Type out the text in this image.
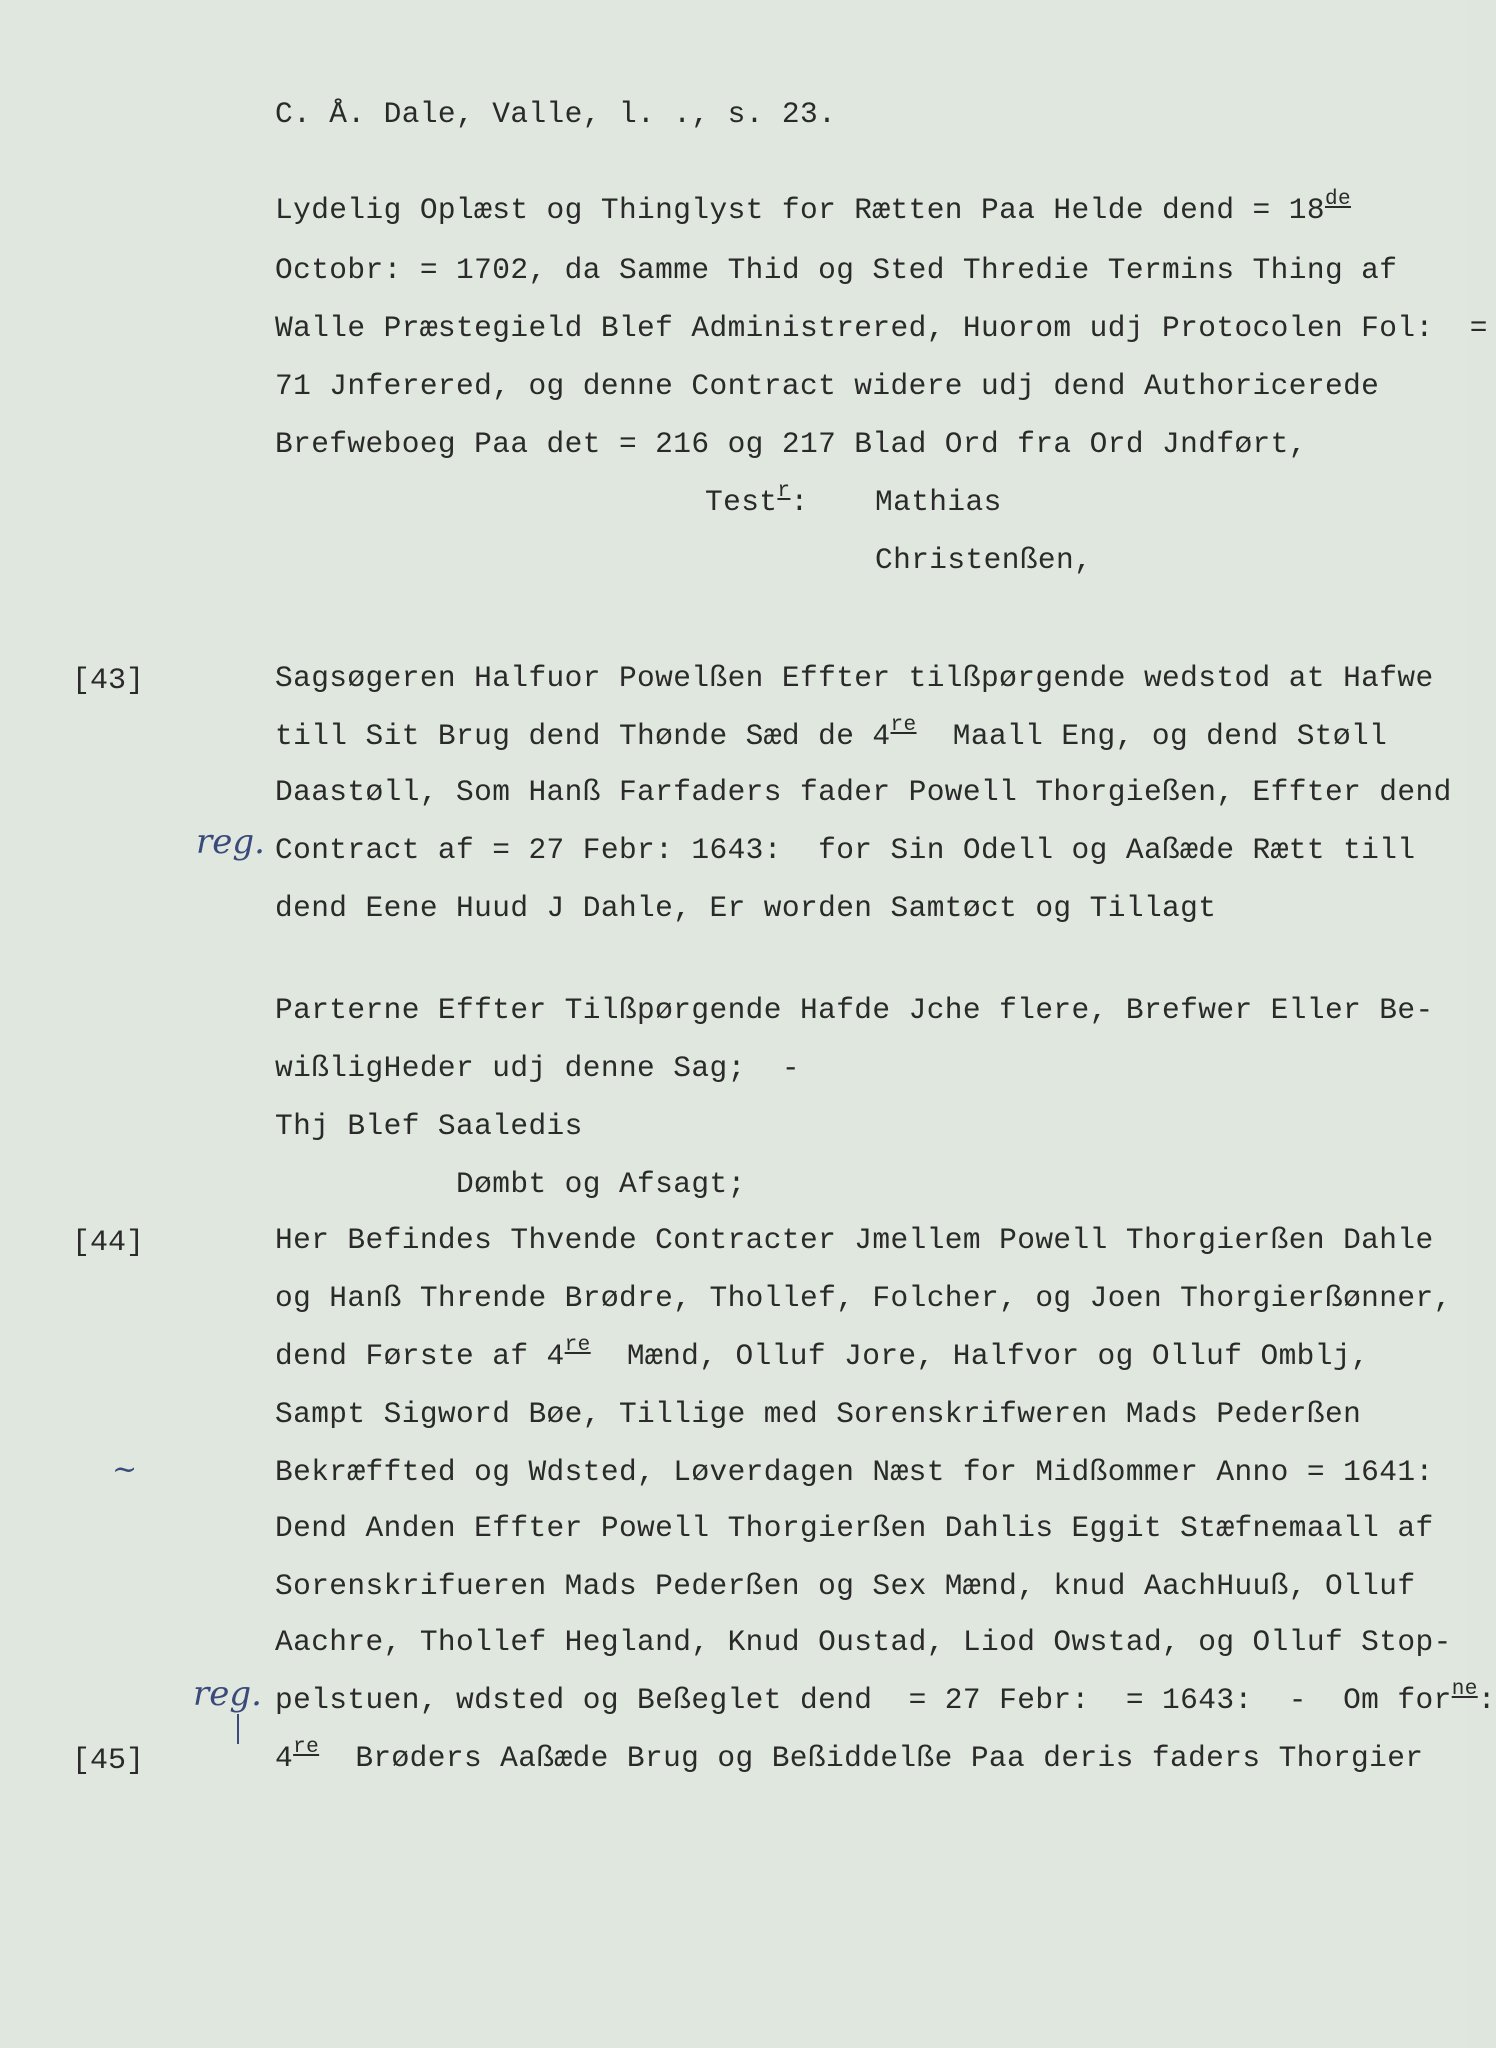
C. Å. Dale, Valle, l. ., s. 23.
Lydelig Oplæst og Thinglyst for Rætten Paa Helde dend = 18de
Octobr: = 1702, da Samme Thid og Sted Thredie Termins Thing af
Walle Præstegield Blef Administrered, Huorom udj Protocolen Fol:  =
71 Jnferered, og denne Contract widere udj dend Authoricerede
Brefweboeg Paa det = 216 og 217 Blad Ord fra Ord Jndført,
Test$^r$: Mathias
Christenßen,
[43]	Sagsøgeren Halfuor Powelßen Effter tilßpørgende wedstod at Hafwe
till Sit Brug dend Thønde Sæd de 4re  Maall Eng, og dend Støll
Daastøll, Som Hanß Farfaders fader Powell Thorgießen, Effter dend
reg. Contract af = 27 Febr: 1643:  for Sin Odell og Aaßæde Rætt till
dend Eene Huud J Dahle, Er worden Samtøct og Tillagt
Parterne Effter Tilßpørgende Hafde Jche flere, Brefwer Eller Be-
wißligHeder udj denne Sag;  -
Thj Blef Saaledis
Dømbt og Afsagt;
[44]	Her Befindes Thvende Contracter Jmellem Powell Thorgierßen Dahle
og Hanß Thrende Brødre, Thollef, Folcher, og Joen Thorgierßønner,
dend Første af 4re  Mænd, Olluf Jore, Halfvor og Olluf Omblj,
Sampt Sigword Bøe, Tillige med Sorenskrifweren Mads Pederßen
~	Bekræffted og Wdsted, Løverdagen Næst for Midßommer Anno = 1641:
Dend Anden Effter Powell Thorgierßen Dahlis Eggit Stæfnemaall af
Sorenskrifueren Mads Pederßen og Sex Mænd, knud AachHuuß, Olluf
Aachre, Thollef Hegland, Knud Oustad, Liod Owstad, og Olluf Stop-
reg. pelstuen, wdsted og Beßeglet dend  = 27 Febr:  = 1643:  -  Om for$^{ne}$:
[45]	4re  Brøders Aaßæde Brug og Beßiddelße Paa deris faders Thorgier
